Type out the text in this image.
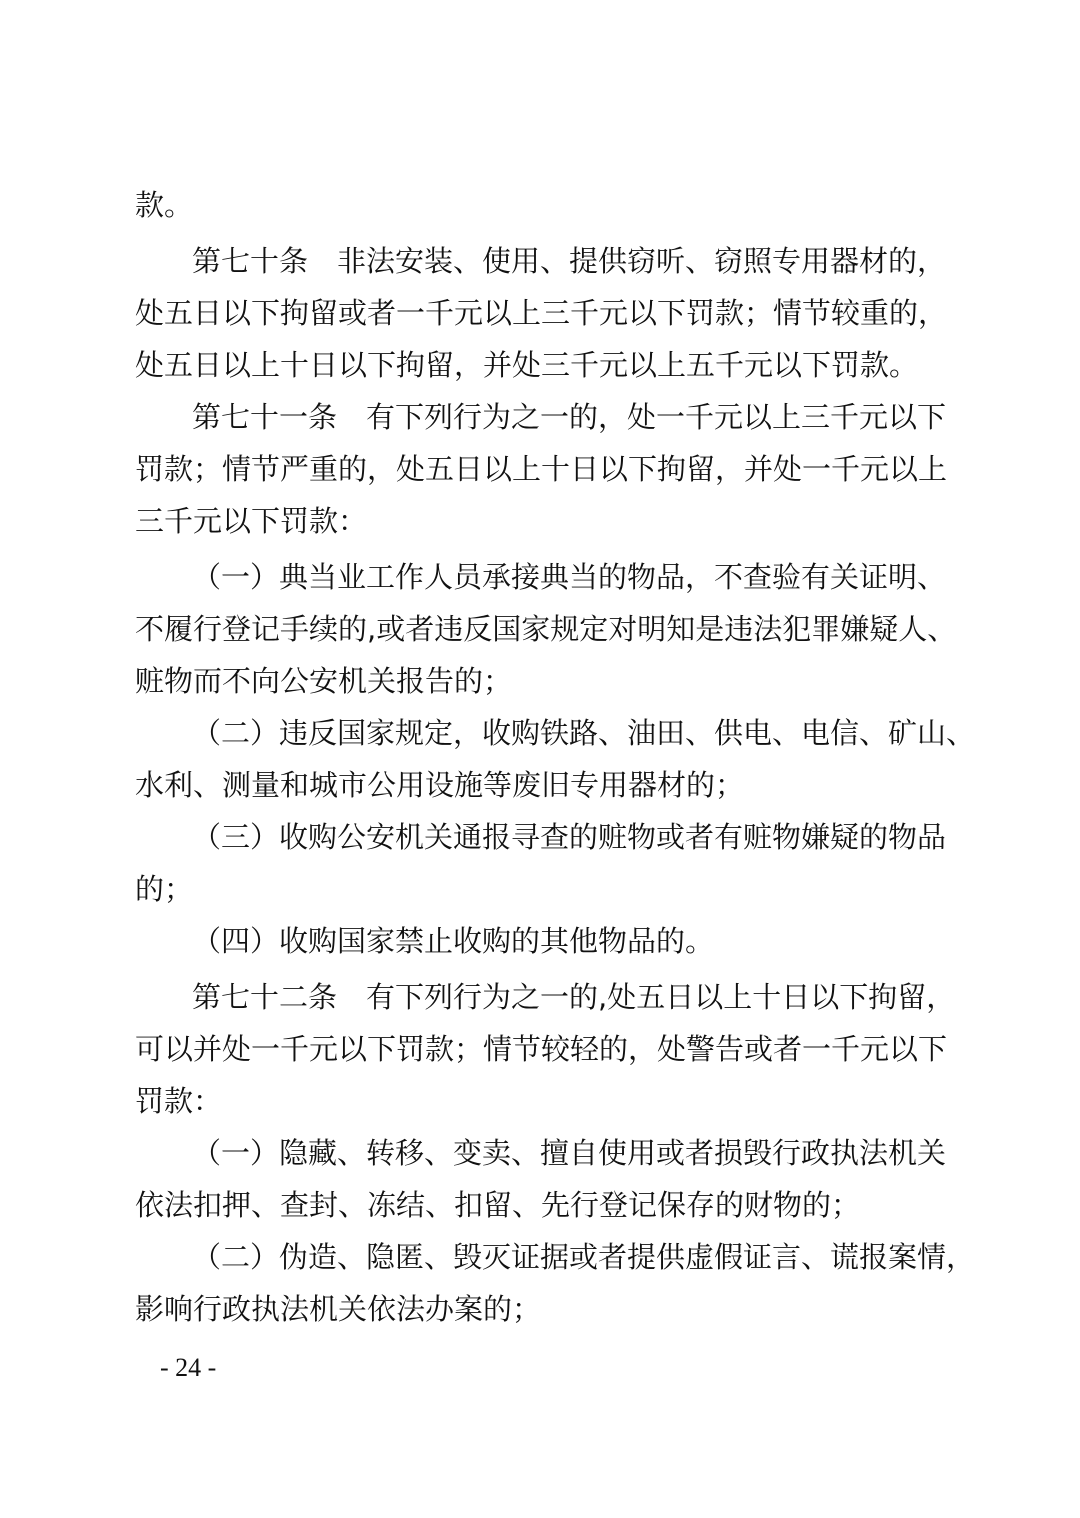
款。
第七十条　非法安装、使用、提供窃听、窃照专用器材的，
处五日以下拘留或者一千元以上三千元以下罚款；情节较重的，
处五日以上十日以下拘留，并处三千元以上五千元以下罚款。
第七十一条　有下列行为之一的，处一千元以上三千元以下
罚款；情节严重的，处五日以上十日以下拘留，并处一千元以上
三千元以下罚款：
（一）典当业工作人员承接典当的物品，不查验有关证明、
不履行登记手续的,或者违反国家规定对明知是违法犯罪嫌疑人、
赃物而不向公安机关报告的；
（二）违反国家规定，收购铁路、油田、供电、电信、矿山、
水利、测量和城市公用设施等废旧专用器材的；
（三）收购公安机关通报寻查的赃物或者有赃物嫌疑的物品
的；
（四）收购国家禁止收购的其他物品的。
第七十二条　有下列行为之一的,处五日以上十日以下拘留，
可以并处一千元以下罚款；情节较轻的，处警告或者一千元以下
罚款：
（一）隐藏、转移、变卖、擅自使用或者损毁行政执法机关
依法扣押、查封、冻结、扣留、先行登记保存的财物的；
（二）伪造、隐匿、毁灭证据或者提供虚假证言、谎报案情，
影响行政执法机关依法办案的；
- 24 -
